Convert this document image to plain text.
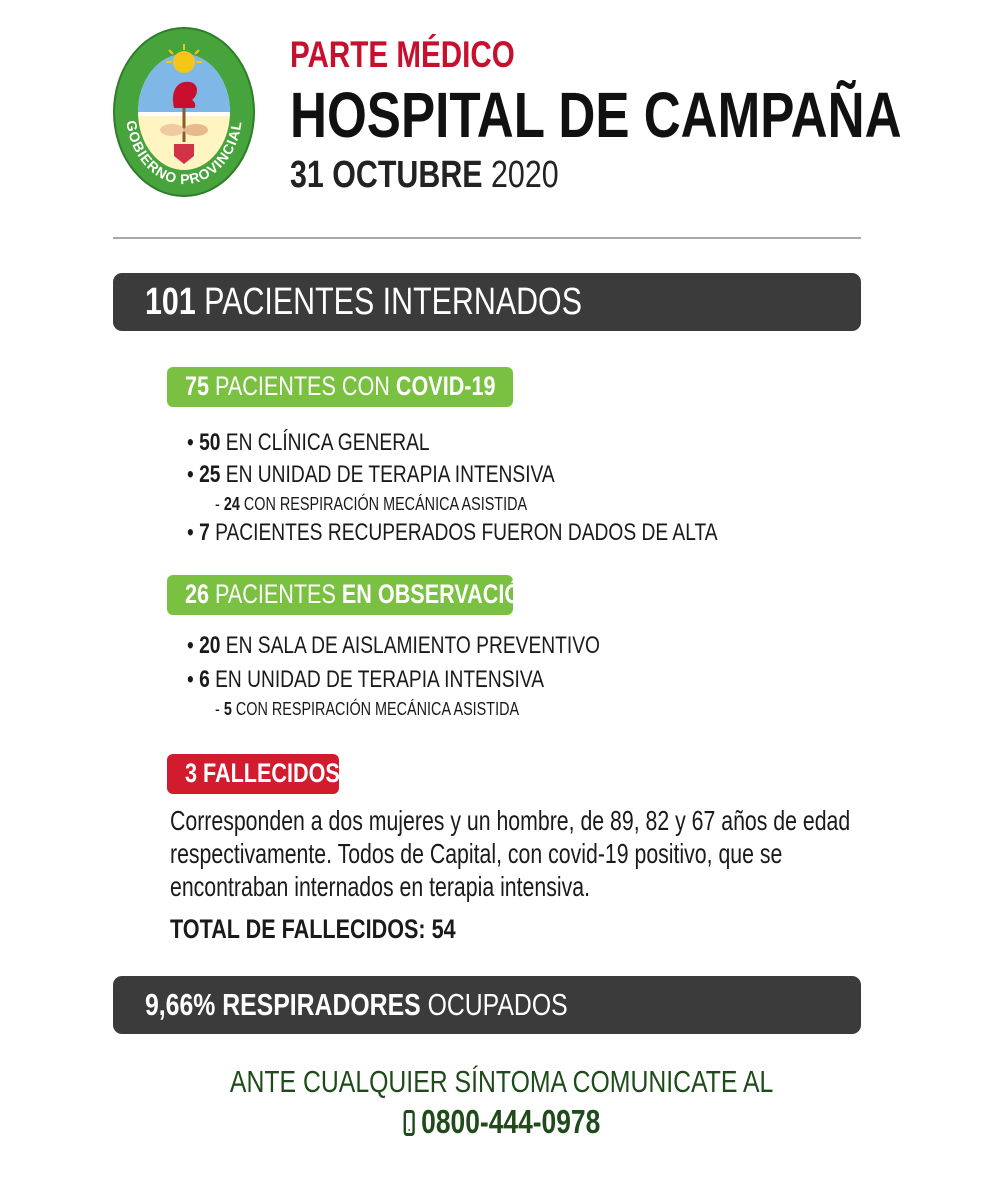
GOBIERNO PROVINCIAL
PARTE MÉDICO
HOSPITAL DE CAMPAÑA
31 OCTUBRE 2020
101 PACIENTES INTERNADOS
75 PACIENTES CON COVID-19
• 50 EN CLÍNICA GENERAL
• 25 EN UNIDAD DE TERAPIA INTENSIVA
- 24 CON RESPIRACIÓN MECÁNICA ASISTIDA
• 7 PACIENTES RECUPERADOS FUERON DADOS DE ALTA
26 PACIENTES EN OBSERVACIÓN
• 20 EN SALA DE AISLAMIENTO PREVENTIVO
• 6 EN UNIDAD DE TERAPIA INTENSIVA
- 5 CON RESPIRACIÓN MECÁNICA ASISTIDA
3 FALLECIDOS
Corresponden a dos mujeres y un hombre, de 89, 82 y 67 años de edad
respectivamente. Todos de Capital, con covid-19 positivo, que se
encontraban internados en terapia intensiva.
TOTAL DE FALLECIDOS: 54
9,66% RESPIRADORES OCUPADOS
ANTE CUALQUIER SÍNTOMA COMUNICATE AL
0800-444-0978
